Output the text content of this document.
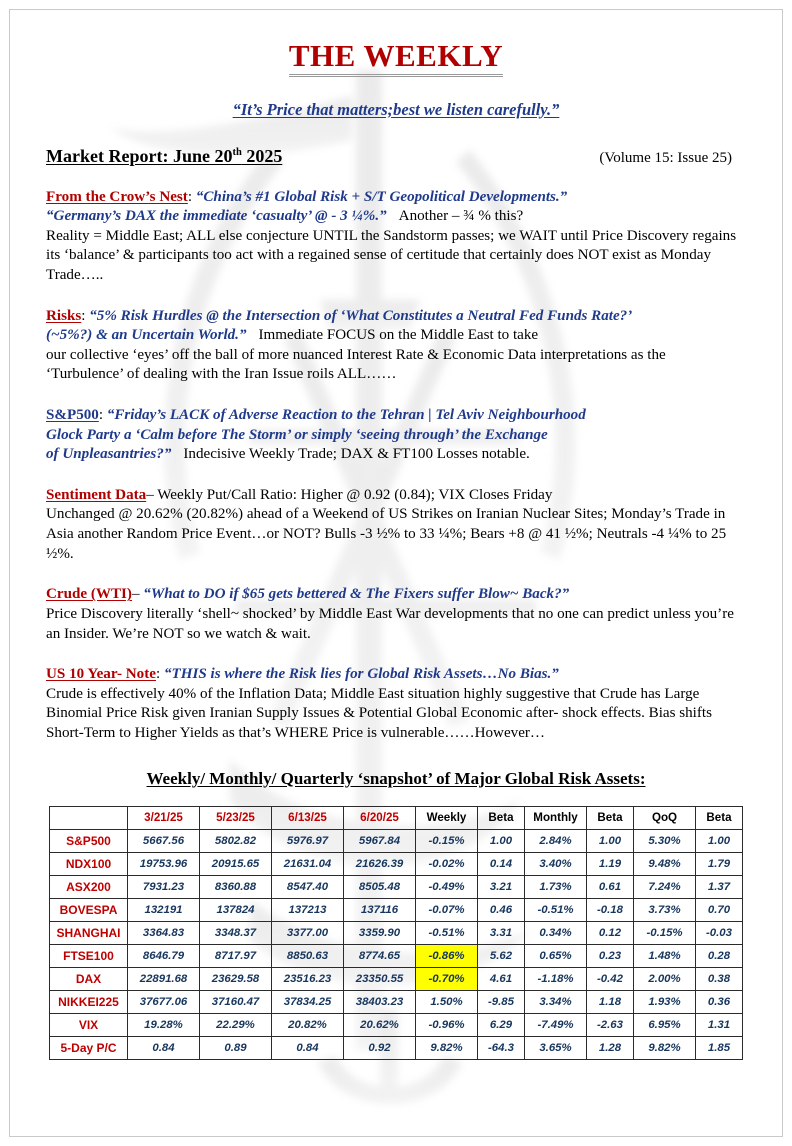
THE WEEKLY
“It’s Price that matters;best we listen carefully.”
Market Report: June 20th 2025	(Volume 15: Issue 25)

From the Crow’s Nest: “China’s #1 Global Risk + S/T Geopolitical Developments.”

“Germany’s DAX the immediate ‘casualty’ @ - 3 ¼%.” Another – ¾ % this?

Reality = Middle East; ALL else conjecture UNTIL the Sandstorm passes; we WAIT until Price Discovery regains its ‘balance’ & participants too act with a regained sense of certitude that certainly does NOT exist as Monday Trade…..

Risks: “5% Risk Hurdles @ the Intersection of ‘What Constitutes a Neutral Fed Funds Rate?’

(~5%?) & an Uncertain World.” Immediate FOCUS on the Middle East to take

our collective ‘eyes’ off the ball of more nuanced Interest Rate & Economic Data interpretations as the ‘Turbulence’ of dealing with the Iran Issue roils ALL……

S&P500: “Friday’s LACK of Adverse Reaction to the Tehran | Tel Aviv Neighbourhood

Glock Party a ‘Calm before The Storm’ or simply ‘seeing through’ the Exchange

of Unpleasantries?” Indecisive Weekly Trade; DAX & FT100 Losses notable.

Sentiment Data– Weekly Put/Call Ratio: Higher @ 0.92 (0.84); VIX Closes Friday

Unchanged @ 20.62% (20.82%) ahead of a Weekend of US Strikes on Iranian Nuclear Sites; Monday’s Trade in Asia another Random Price Event…or NOT? Bulls -3 ½% to 33 ¼%; Bears +8 @ 41 ½%; Neutrals -4 ¼% to 25 ½%.

Crude (WTI)– “What to DO if $65 gets bettered & The Fixers suffer Blow~ Back?”

Price Discovery literally ‘shell~ shocked’ by Middle East War developments that no one can predict unless you’re an Insider. We’re NOT so we watch & wait.

US 10 Year- Note: “THIS is where the Risk lies for Global Risk Assets…No Bias.”

Crude is effectively 40% of the Inflation Data; Middle East situation highly suggestive that Crude has Large Binomial Price Risk given Iranian Supply Issues & Potential Global Economic after- shock effects. Bias shifts Short-Term to Higher Yields as that’s WHERE Price is vulnerable……However…

Weekly/ Monthly/ Quarterly ‘snapshot’ of Major Global Risk Assets:
	3/21/25	5/23/25	6/13/25	6/20/25	Weekly	Beta	Monthly	Beta	QoQ	Beta
S&P500	5667.56	5802.82	5976.97	5967.84	-0.15%	1.00	2.84%	1.00	5.30%	1.00
NDX100	19753.96	20915.65	21631.04	21626.39	-0.02%	0.14	3.40%	1.19	9.48%	1.79
ASX200	7931.23	8360.88	8547.40	8505.48	-0.49%	3.21	1.73%	0.61	7.24%	1.37
BOVESPA	132191	137824	137213	137116	-0.07%	0.46	-0.51%	-0.18	3.73%	0.70
SHANGHAI	3364.83	3348.37	3377.00	3359.90	-0.51%	3.31	0.34%	0.12	-0.15%	-0.03
FTSE100	8646.79	8717.97	8850.63	8774.65	-0.86%	5.62	0.65%	0.23	1.48%	0.28
DAX	22891.68	23629.58	23516.23	23350.55	-0.70%	4.61	-1.18%	-0.42	2.00%	0.38
NIKKEI225	37677.06	37160.47	37834.25	38403.23	1.50%	-9.85	3.34%	1.18	1.93%	0.36
VIX	19.28%	22.29%	20.82%	20.62%	-0.96%	6.29	-7.49%	-2.63	6.95%	1.31
5-Day P/C	0.84	0.89	0.84	0.92	9.82%	-64.3	3.65%	1.28	9.82%	1.85
